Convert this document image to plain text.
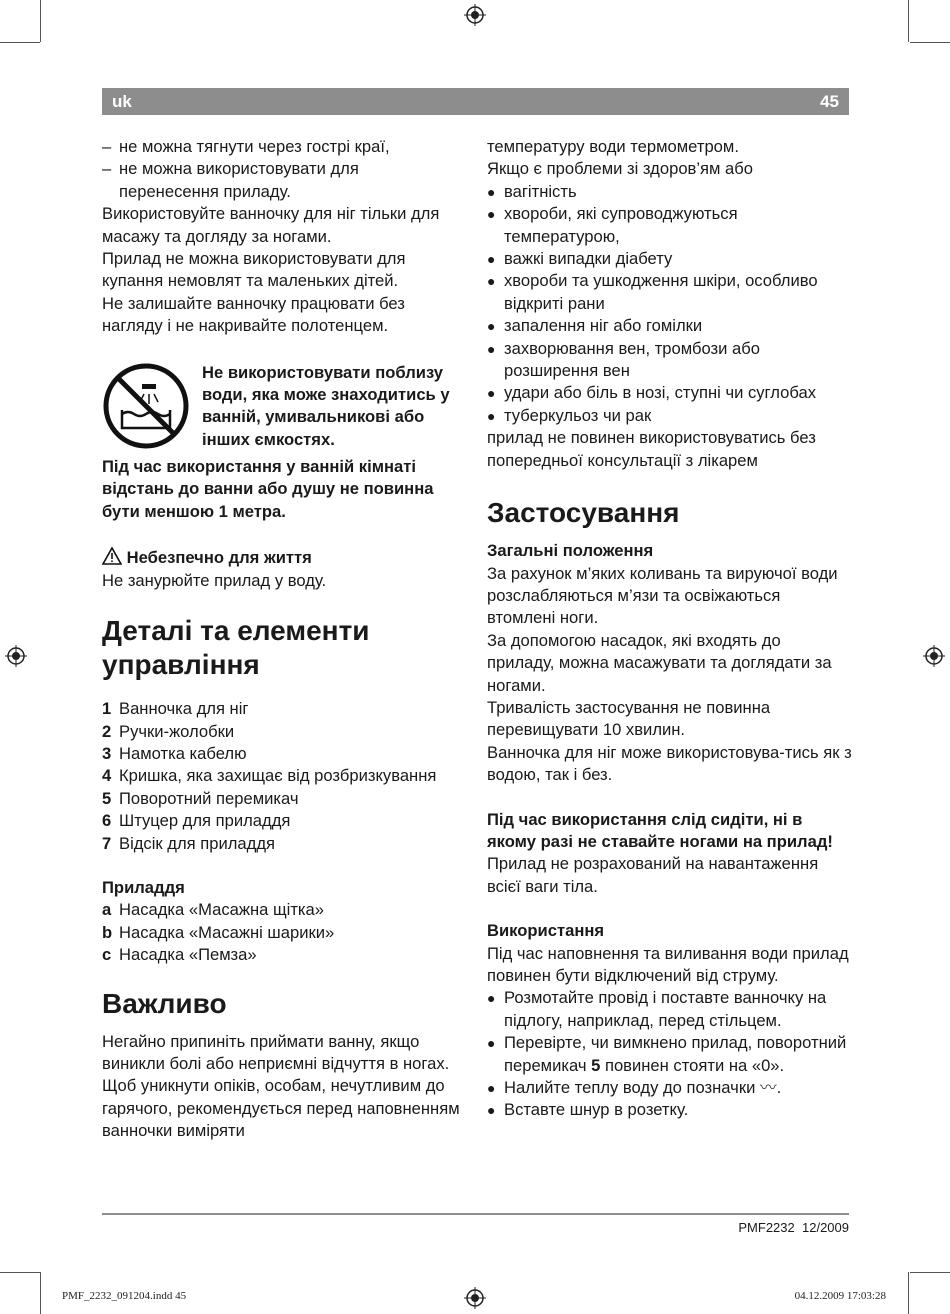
uk	45
– не можна тягнути через гострі краї,
– не можна використовувати для перенесення приладу.

Використовуйте ванночку для ніг тільки для масажу та догляду за ногами.

Прилад не можна використовувати для купання немовлят та маленьких дітей.

Не залишайте ванночку працювати без нагляду і не накривайте полотенцем.

Не використовувати поблизу води, яка може знаходитись у ванній, умивальникові або інших ємкостях.

Під час використання у ванній кімнаті відстань до ванни або душу не повинна бути меншою 1 метра.

Небезпечно для життя

Не занурюйте прилад у воду.

Деталі та елементи управління
1 Ванночка для ніг
2 Ручки-жолобки
3 Намотка кабелю
4 Кришка, яка захищає від розбризкування
5 Поворотний перемикач
6 Штуцер для приладдя
7 Відсік для приладдя

Приладдя

a Насадка «Масажна щітка»
b Насадка «Масажні шарики»
c Насадка «Пемза»
Важливо

Негайно припиніть приймати ванну, якщо виникли болі або неприємні відчуття в ногах.

Щоб уникнути опіків, особам, нечутливим до гарячого, рекомендується перед наповненням ванночки виміряти

температуру води термометром.

Якщо є проблеми зі здоров’ям або

● вагітність
● хвороби, які супроводжуються температурою,
● важкі випадки діабету
● хвороби та ушкодження шкіри, особливо відкриті рани
● запалення ніг або гомілки
● захворювання вен, тромбози або розширення вен
● удари або біль в нозі, ступні чи суглобах
● туберкульоз чи рак

прилад не повинен використовуватись без попередньої консультації з лікарем

Застосування

Загальні положення

За рахунок м’яких коливань та вируючої води розслабляються м’язи та освіжаються втомлені ноги.

За допомогою насадок, які входять до приладу, можна масажувати та доглядати за ногами.

Тривалість застосування не повинна перевищувати 10 хвилин.

Ванночка для ніг може використовува-тись як з водою, так і без.

Під час використання слід сидіти, ні в якому разі не ставайте ногами на прилад!

Прилад не розрахований на навантаження всієї ваги тіла.

Використання

Під час наповнення та виливання води прилад повинен бути відключений від струму.

● Розмотайте провід і поставте ванночку на підлогу, наприклад, перед стільцем.
● Перевірте, чи вимкнено прилад, поворотний перемикач 5 повинен стояти на «0».
● Налийте теплу воду до позначки 〰.
● Вставте шнур в розетку.
PMF2232 12/2009
PMF_2232_091204.indd 45	04.12.2009 17:03:28
